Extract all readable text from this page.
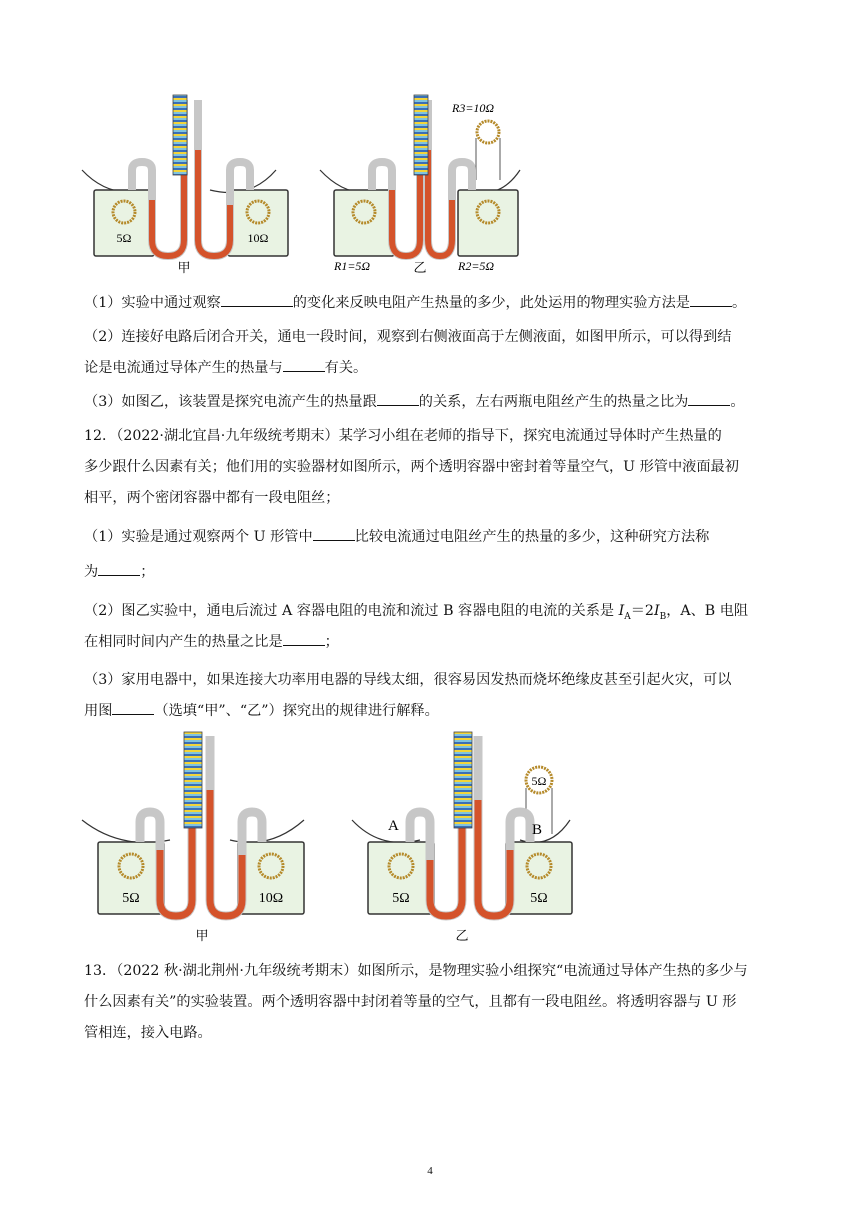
5Ω	10Ω
甲
R3=10Ω
R1=5Ω	乙	R2=5Ω

（1）实验中通过观察	的变化来反映电阻产生热量的多少，此处运用的物理实验方法是	。

（2）连接好电路后闭合开关，通电一段时间，观察到右侧液面高于左侧液面，如图甲所示，可以得到结

论是电流通过导体产生的热量与	有关。

（3）如图乙，该装置是探究电流产生的热量跟	的关系，左右两瓶电阻丝产生的热量之比为	。

12．（2022·湖北宜昌·九年级统考期末）某学习小组在老师的指导下，探究电流通过导体时产生热量的

多少跟什么因素有关；他们用的实验器材如图所示，两个透明容器中密封着等量空气，U 形管中液面最初

相平，两个密闭容器中都有一段电阻丝；

（1）实验是通过观察两个 U 形管中	比较电流通过电阻丝产生的热量的多少，这种研究方法称

为	；

（2）图乙实验中，通电后流过 A 容器电阻的电流和流过 B 容器电阻的电流的关系是 $I_A=2I_B$，A、B 电阻

在相同时间内产生的热量之比是	；

（3）家用电器中，如果连接大功率用电器的导线太细，很容易因发热而烧坏绝缘皮甚至引起火灾，可以

用图	（选填“甲”、“乙”）探究出的规律进行解释。

5Ω	10Ω
甲
A	B
5Ω
5Ω	5Ω
乙

13．（2022 秋·湖北荆州·九年级统考期末）如图所示，是物理实验小组探究“电流通过导体产生热的多少与

什么因素有关”的实验装置。两个透明容器中封闭着等量的空气，且都有一段电阻丝。将透明容器与 U 形

管相连，接入电路。

4
